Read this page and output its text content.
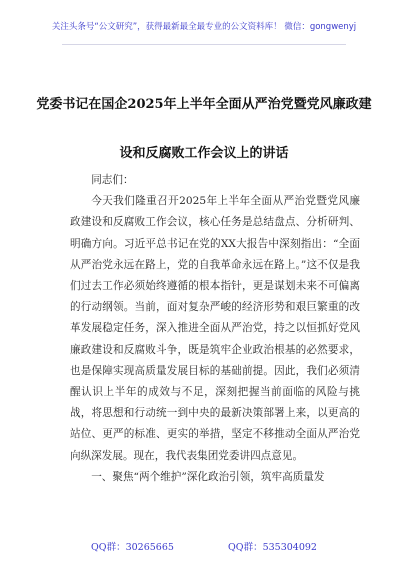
关注头条号“公文研究”，获得最新最全最专业的公文资料库！ 微信：gongwenyj
党委书记在国企2025年上半年全面从严治党暨党风廉政建
设和反腐败工作会议上的讲话

同志们：

今天我们隆重召开2025年上半年全面从严治党暨党风廉政建设和反腐败工作会议，核心任务是总结盘点、分析研判、明确方向。习近平总书记在党的XX大报告中深刻指出：“全面从严治党永远在路上，党的自我革命永远在路上。”这不仅是我们过去工作必须始终遵循的根本指针，更是谋划未来不可偏离的行动纲领。当前，面对复杂严峻的经济形势和艰巨繁重的改革发展稳定任务，深入推进全面从严治党，持之以恒抓好党风廉政建设和反腐败斗争，既是筑牢企业政治根基的必然要求，也是保障实现高质量发展目标的基础前提。因此，我们必须清醒认识上半年的成效与不足，深刻把握当前面临的风险与挑战，将思想和行动统一到中央的最新决策部署上来，以更高的站位、更严的标准、更实的举措，坚定不移推动全面从严治党向纵深发展。现在，我代表集团党委讲四点意见。

一、聚焦“两个维护”深化政治引领，筑牢高质量发

QQ群：30265665	QQ群：535304092
